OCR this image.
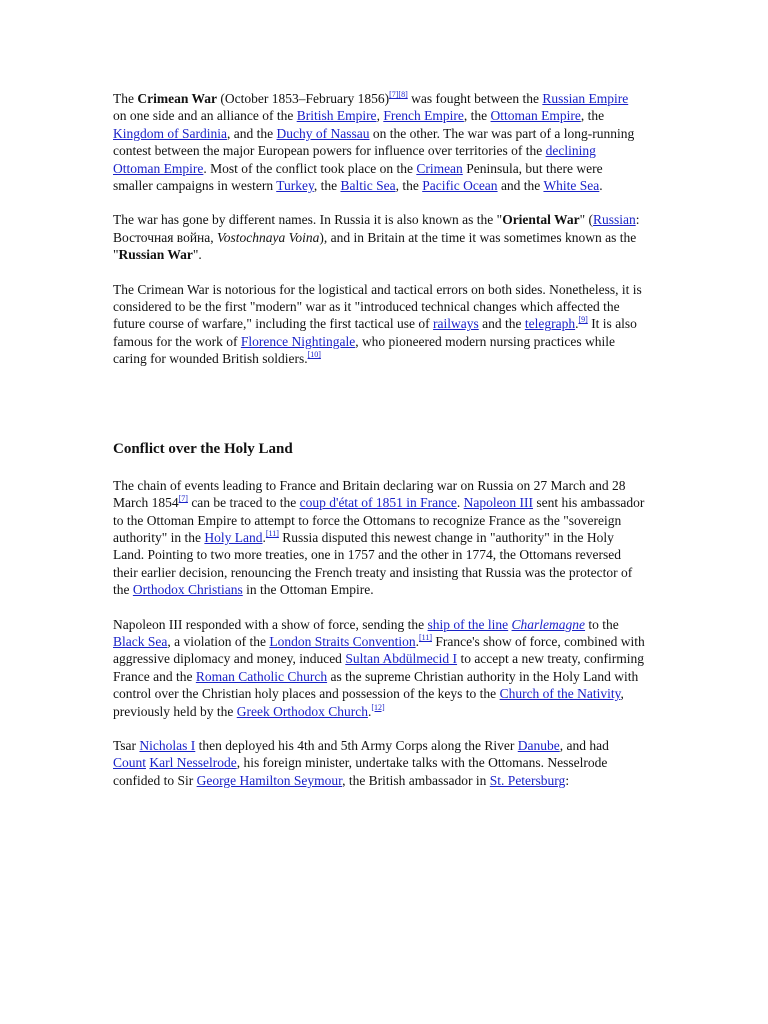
The Crimean War (October 1853–February 1856)[7][8] was fought between the Russian Empire on one side and an alliance of the British Empire, French Empire, the Ottoman Empire, the Kingdom of Sardinia, and the Duchy of Nassau on the other. The war was part of a long-running contest between the major European powers for influence over territories of the declining Ottoman Empire. Most of the conflict took place on the Crimean Peninsula, but there were smaller campaigns in western Turkey, the Baltic Sea, the Pacific Ocean and the White Sea.

The war has gone by different names. In Russia it is also known as the "Oriental War" (Russian: Восточная война, Vostochnaya Voina), and in Britain at the time it was sometimes known as the "Russian War".

The Crimean War is notorious for the logistical and tactical errors on both sides. Nonetheless, it is considered to be the first "modern" war as it "introduced technical changes which affected the future course of warfare," including the first tactical use of railways and the telegraph.[9] It is also famous for the work of Florence Nightingale, who pioneered modern nursing practices while caring for wounded British soldiers.[10]

Conflict over the Holy Land

The chain of events leading to France and Britain declaring war on Russia on 27 March and 28 March 1854[7] can be traced to the coup d'état of 1851 in France. Napoleon III sent his ambassador to the Ottoman Empire to attempt to force the Ottomans to recognize France as the "sovereign authority" in the Holy Land.[11] Russia disputed this newest change in "authority" in the Holy Land. Pointing to two more treaties, one in 1757 and the other in 1774, the Ottomans reversed their earlier decision, renouncing the French treaty and insisting that Russia was the protector of the Orthodox Christians in the Ottoman Empire.

Napoleon III responded with a show of force, sending the ship of the line Charlemagne to the Black Sea, a violation of the London Straits Convention.[11] France's show of force, combined with aggressive diplomacy and money, induced Sultan Abdülmecid I to accept a new treaty, confirming France and the Roman Catholic Church as the supreme Christian authority in the Holy Land with control over the Christian holy places and possession of the keys to the Church of the Nativity, previously held by the Greek Orthodox Church.[12]

Tsar Nicholas I then deployed his 4th and 5th Army Corps along the River Danube, and had Count Karl Nesselrode, his foreign minister, undertake talks with the Ottomans. Nesselrode confided to Sir George Hamilton Seymour, the British ambassador in St. Petersburg:
